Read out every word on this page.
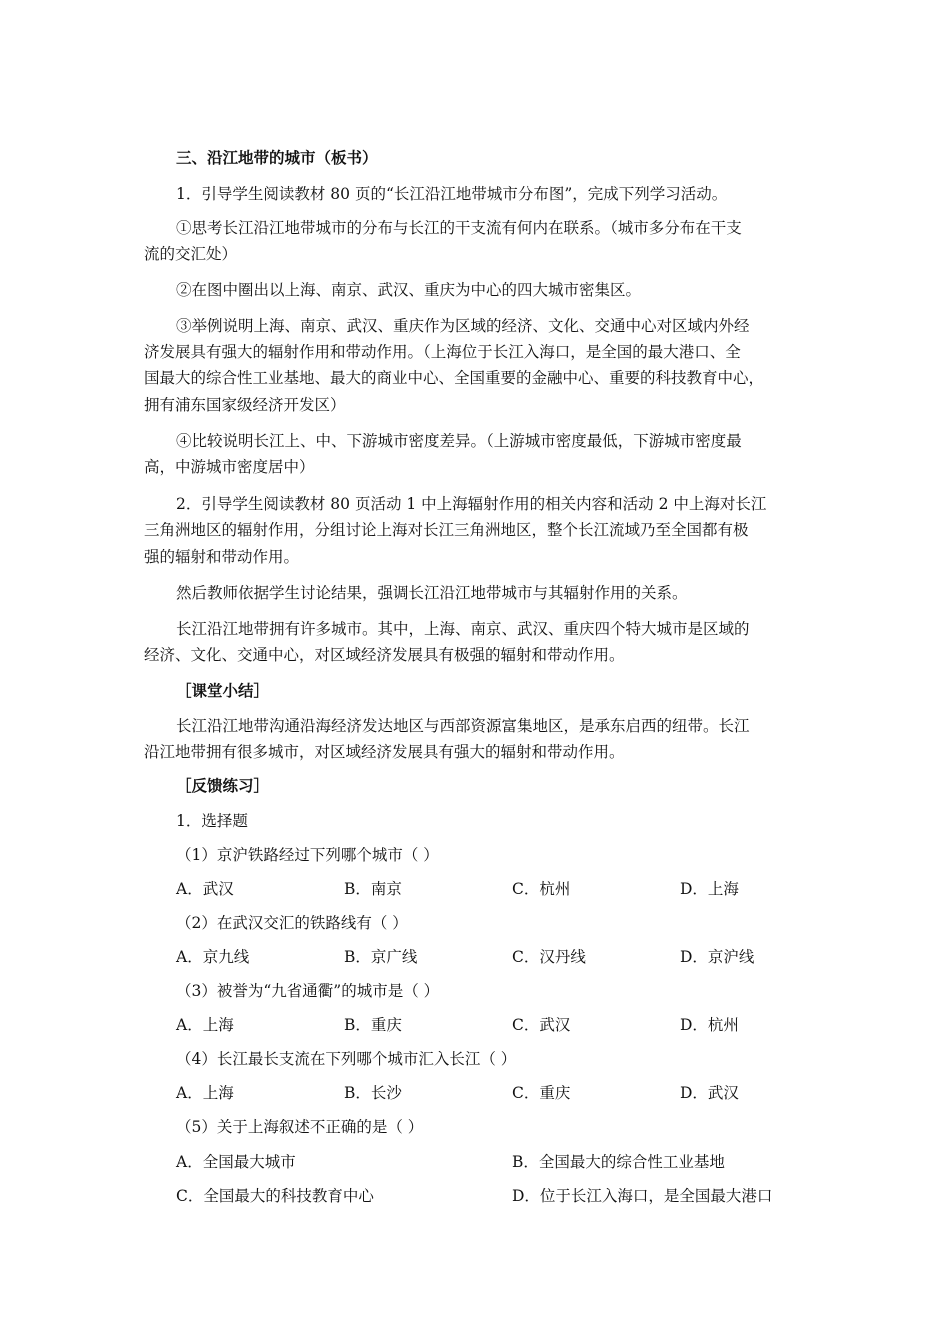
三、沿江地带的城市（板书）
1．引导学生阅读教材 80 页的“长江沿江地带城市分布图”，完成下列学习活动。
①思考长江沿江地带城市的分布与长江的干支流有何内在联系。（城市多分布在干支
流的交汇处）
②在图中圈出以上海、南京、武汉、重庆为中心的四大城市密集区。
③举例说明上海、南京、武汉、重庆作为区域的经济、文化、交通中心对区域内外经
济发展具有强大的辐射作用和带动作用。（上海位于长江入海口，是全国的最大港口、全
国最大的综合性工业基地、最大的商业中心、全国重要的金融中心、重要的科技教育中心，
拥有浦东国家级经济开发区）
④比较说明长江上、中、下游城市密度差异。（上游城市密度最低，下游城市密度最
高，中游城市密度居中）
2．引导学生阅读教材 80 页活动 1 中上海辐射作用的相关内容和活动 2 中上海对长江
三角洲地区的辐射作用，分组讨论上海对长江三角洲地区，整个长江流域乃至全国都有极
强的辐射和带动作用。
然后教师依据学生讨论结果，强调长江沿江地带城市与其辐射作用的关系。
长江沿江地带拥有许多城市。其中，上海、南京、武汉、重庆四个特大城市是区域的
经济、文化、交通中心，对区域经济发展具有极强的辐射和带动作用。
［课堂小结］
长江沿江地带沟通沿海经济发达地区与西部资源富集地区，是承东启西的纽带。长江
沿江地带拥有很多城市，对区域经济发展具有强大的辐射和带动作用。
［反馈练习］
1．选择题
（1）京沪铁路经过下列哪个城市（ ）
A．武汉	B．南京	C．杭州	D．上海
（2）在武汉交汇的铁路线有（ ）
A．京九线	B．京广线	C．汉丹线	D．京沪线
（3）被誉为“九省通衢”的城市是（ ）
A．上海	B．重庆	C．武汉	D．杭州
（4）长江最长支流在下列哪个城市汇入长江（ ）
A．上海	B．长沙	C．重庆	D．武汉
（5）关于上海叙述不正确的是（ ）
A．全国最大城市	B．全国最大的综合性工业基地
C．全国最大的科技教育中心	D．位于长江入海口，是全国最大港口
